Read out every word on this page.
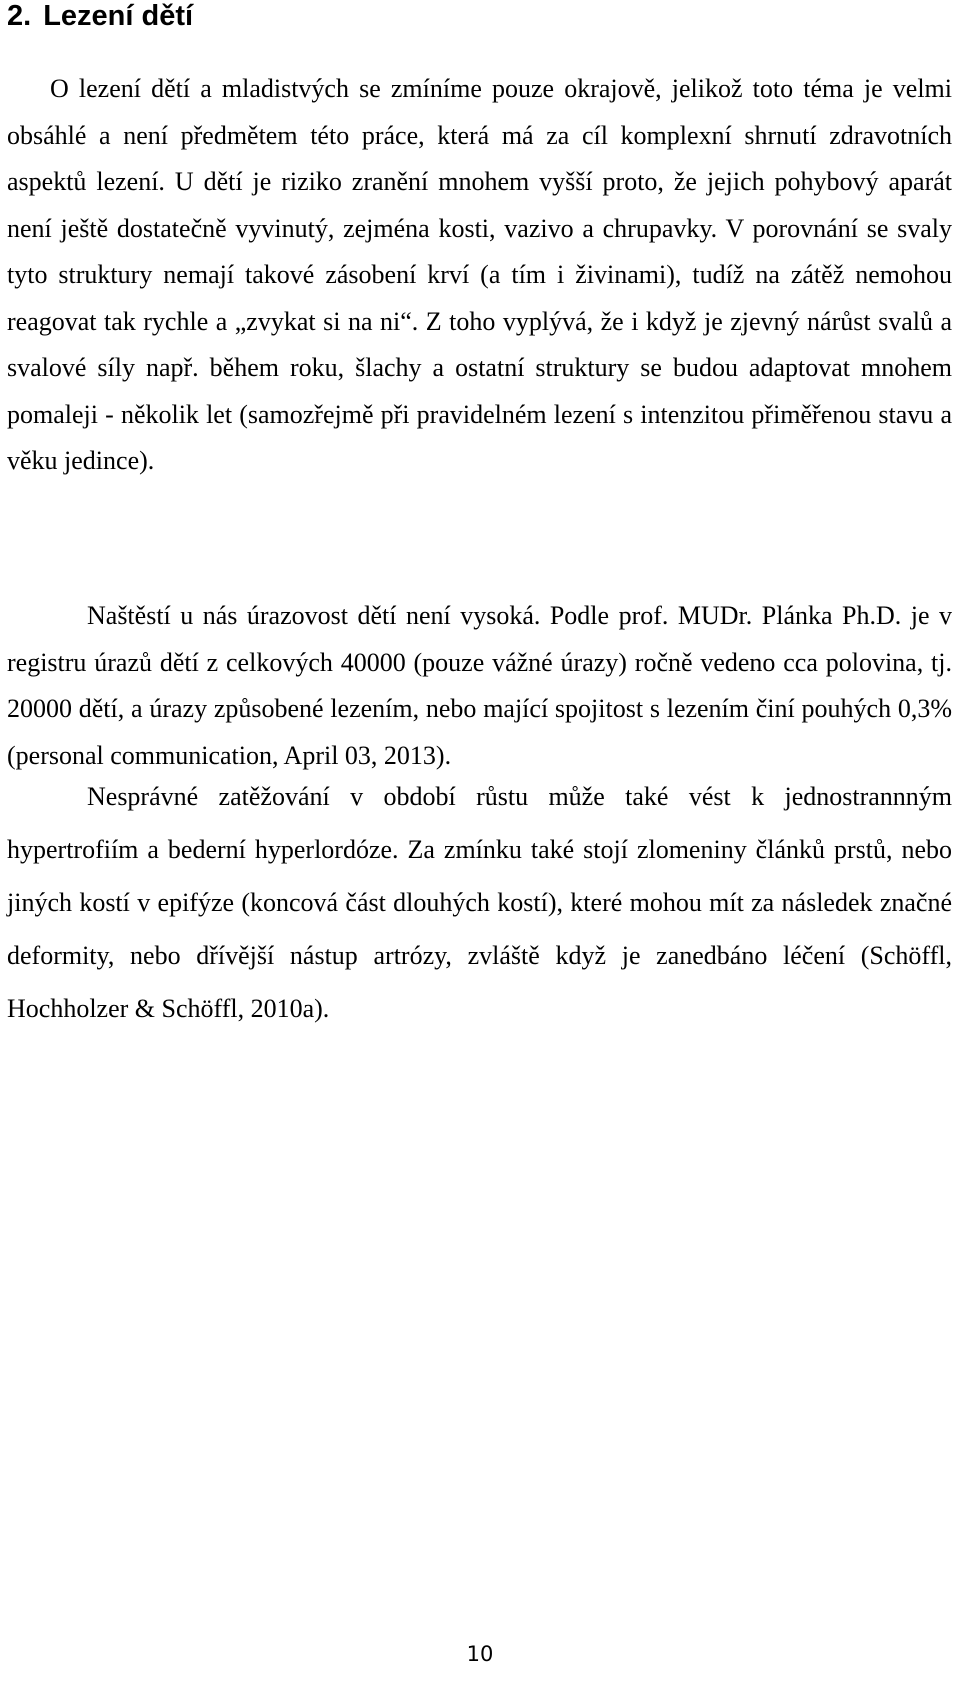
2. Lezení dětí

O lezení dětí a mladistvých se zmíníme pouze okrajově, jelikož toto téma je velmi obsáhlé a není předmětem této práce, která má za cíl komplexní shrnutí zdravotních aspektů lezení. U dětí je riziko zranění mnohem vyšší proto, že jejich pohybový aparát není ještě dostatečně vyvinutý, zejména kosti, vazivo a chrupavky. V porovnání se svaly tyto struktury nemají takové zásobení krví (a tím i živinami), tudíž na zátěž nemohou reagovat tak rychle a „zvykat si na ni“. Z toho vyplývá, že i když je zjevný nárůst svalů a svalové síly např. během roku, šlachy a ostatní struktury se budou adaptovat mnohem pomaleji - několik let (samozřejmě při pravidelném lezení s intenzitou přiměřenou stavu a věku jedince).

Naštěstí u nás úrazovost dětí není vysoká. Podle prof. MUDr. Plánka Ph.D. je v registru úrazů dětí z celkových 40000 (pouze vážné úrazy) ročně vedeno cca polovina, tj. 20000 dětí, a úrazy způsobené lezením, nebo mající spojitost s lezením činí pouhých 0,3% (personal communication, April 03, 2013).

Nesprávné zatěžování v období růstu může také vést k jednostrannným hypertrofiím a bederní hyperlordóze. Za zmínku také stojí zlomeniny článků prstů, nebo jiných kostí v epifýze (koncová část dlouhých kostí), které mohou mít za následek značné deformity, nebo dřívější nástup artrózy, zvláště když je zanedbáno léčení (Schöffl, Hochholzer & Schöffl, 2010a).

10
